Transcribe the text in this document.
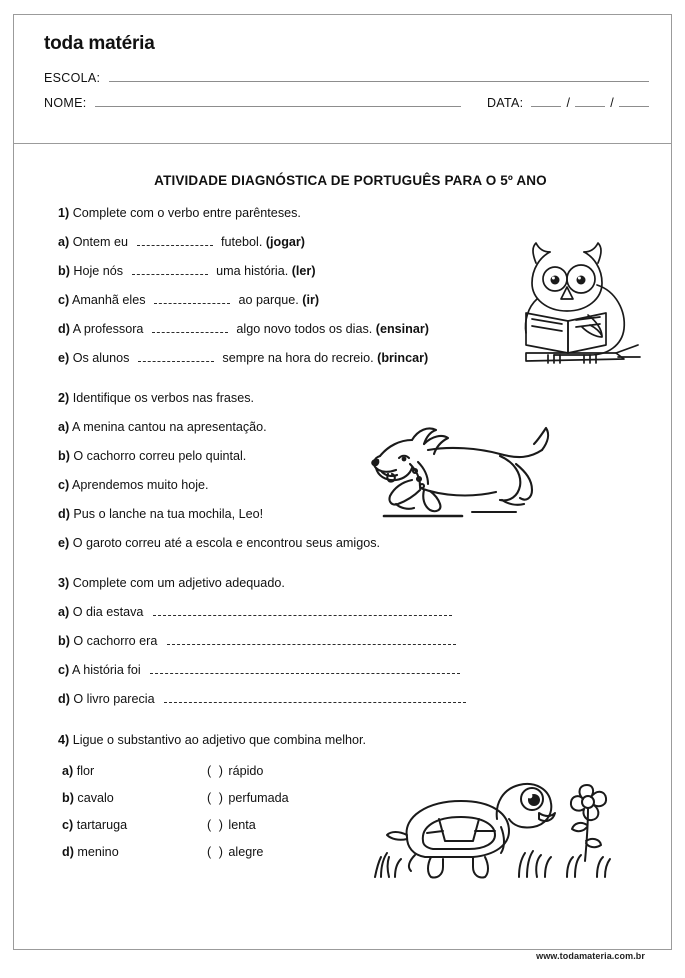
toda matéria
ESCOLA:
NOME:	DATA:	/	/
ATIVIDADE DIAGNÓSTICA DE PORTUGUÊS PARA O 5º ANO

1) Complete com o verbo entre parênteses.

a) Ontem eu	futebol. (jogar)

b) Hoje nós	uma história. (ler)

c) Amanhã eles	ao parque. (ir)

d) A professora	algo novo todos os dias. (ensinar)

e) Os alunos	sempre na hora do recreio. (brincar)

2) Identifique os verbos nas frases.

a) A menina cantou na apresentação.

b) O cachorro correu pelo quintal.

c) Aprendemos muito hoje.

d) Pus o lanche na tua mochila, Leo!

e) O garoto correu até a escola e encontrou seus amigos.

3) Complete com um adjetivo adequado.

a) O dia estava

b) O cachorro era

c) A história foi

d) O livro parecia

4) Ligue o substantivo ao adjetivo que combina melhor.

a) flor	( ) rápido
b) cavalo	( ) perfumada
c) tartaruga	( ) lenta
d) menino	( ) alegre
www.todamateria.com.br
